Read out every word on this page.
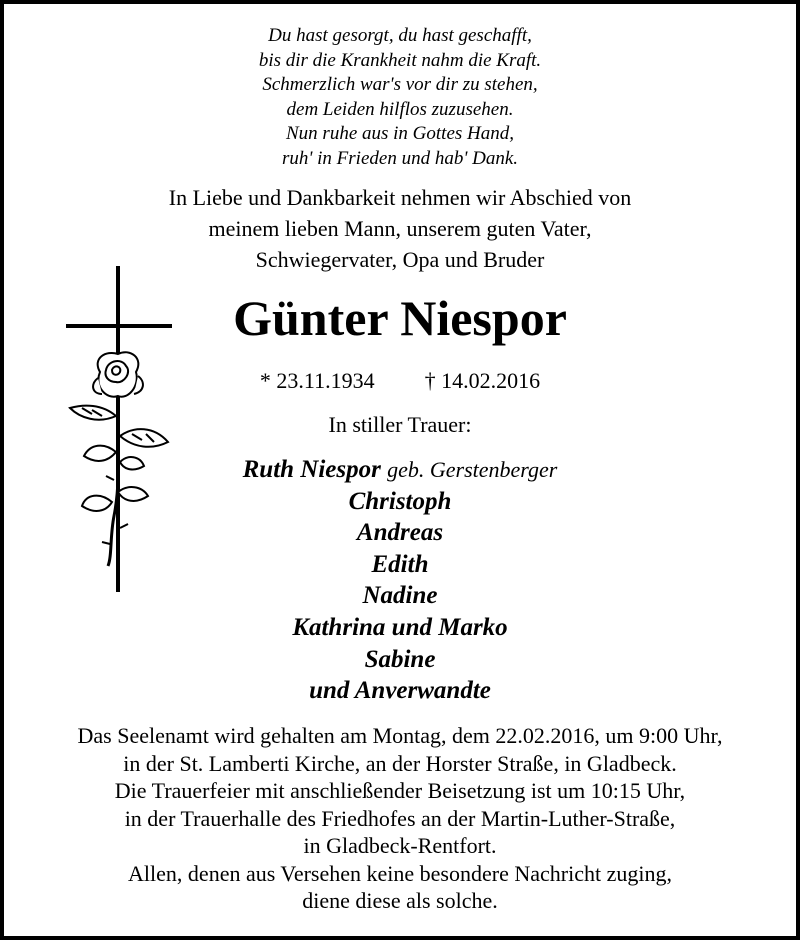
Du hast gesorgt, du hast geschafft,
bis dir die Krankheit nahm die Kraft.
Schmerzlich war's vor dir zu stehen,
dem Leiden hilflos zuzusehen.
Nun ruhe aus in Gottes Hand,
ruh' in Frieden und hab' Dank.
In Liebe und Dankbarkeit nehmen wir Abschied von
meinem lieben Mann, unserem guten Vater,
Schwiegervater, Opa und Bruder
Günter Niespor
* 23.11.1934 † 14.02.2016
In stiller Trauer:
Ruth Niespor geb. Gerstenberger
Christoph
Andreas
Edith
Nadine
Kathrina und Marko
Sabine
und Anverwandte
Das Seelenamt wird gehalten am Montag, dem 22.02.2016, um 9:00 Uhr,
in der St. Lamberti Kirche, an der Horster Straße, in Gladbeck.
Die Trauerfeier mit anschließender Beisetzung ist um 10:15 Uhr,
in der Trauerhalle des Friedhofes an der Martin-Luther-Straße,
in Gladbeck-Rentfort.
Allen, denen aus Versehen keine besondere Nachricht zuging,
diene diese als solche.
